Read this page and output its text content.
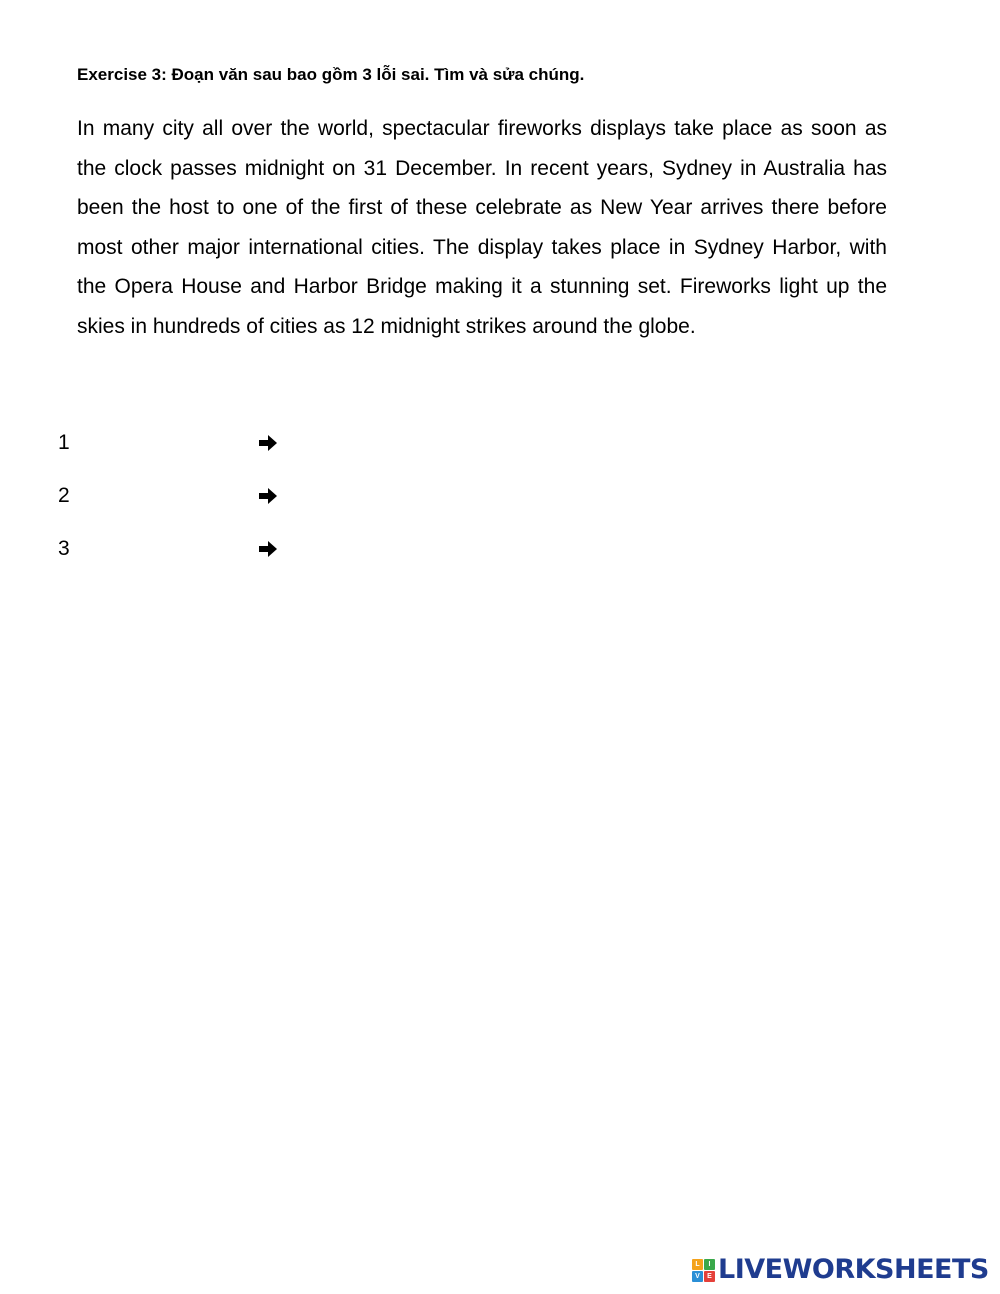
Exercise 3: Đoạn văn sau bao gồm 3 lỗi sai. Tìm và sửa chúng.

In many city all over the world, spectacular fireworks displays take place as soon as the clock passes midnight on 31 December. In recent years, Sydney in Australia has been the host to one of the first of these celebrate as New Year arrives there before most other major international cities. The display takes place in Sydney Harbor, with the Opera House and Harbor Bridge making it a stunning set. Fireworks light up the skies in hundreds of cities as 12 midnight strikes around the globe.

1
2
3
L	I
V	E LIVEWORKSHEETS
